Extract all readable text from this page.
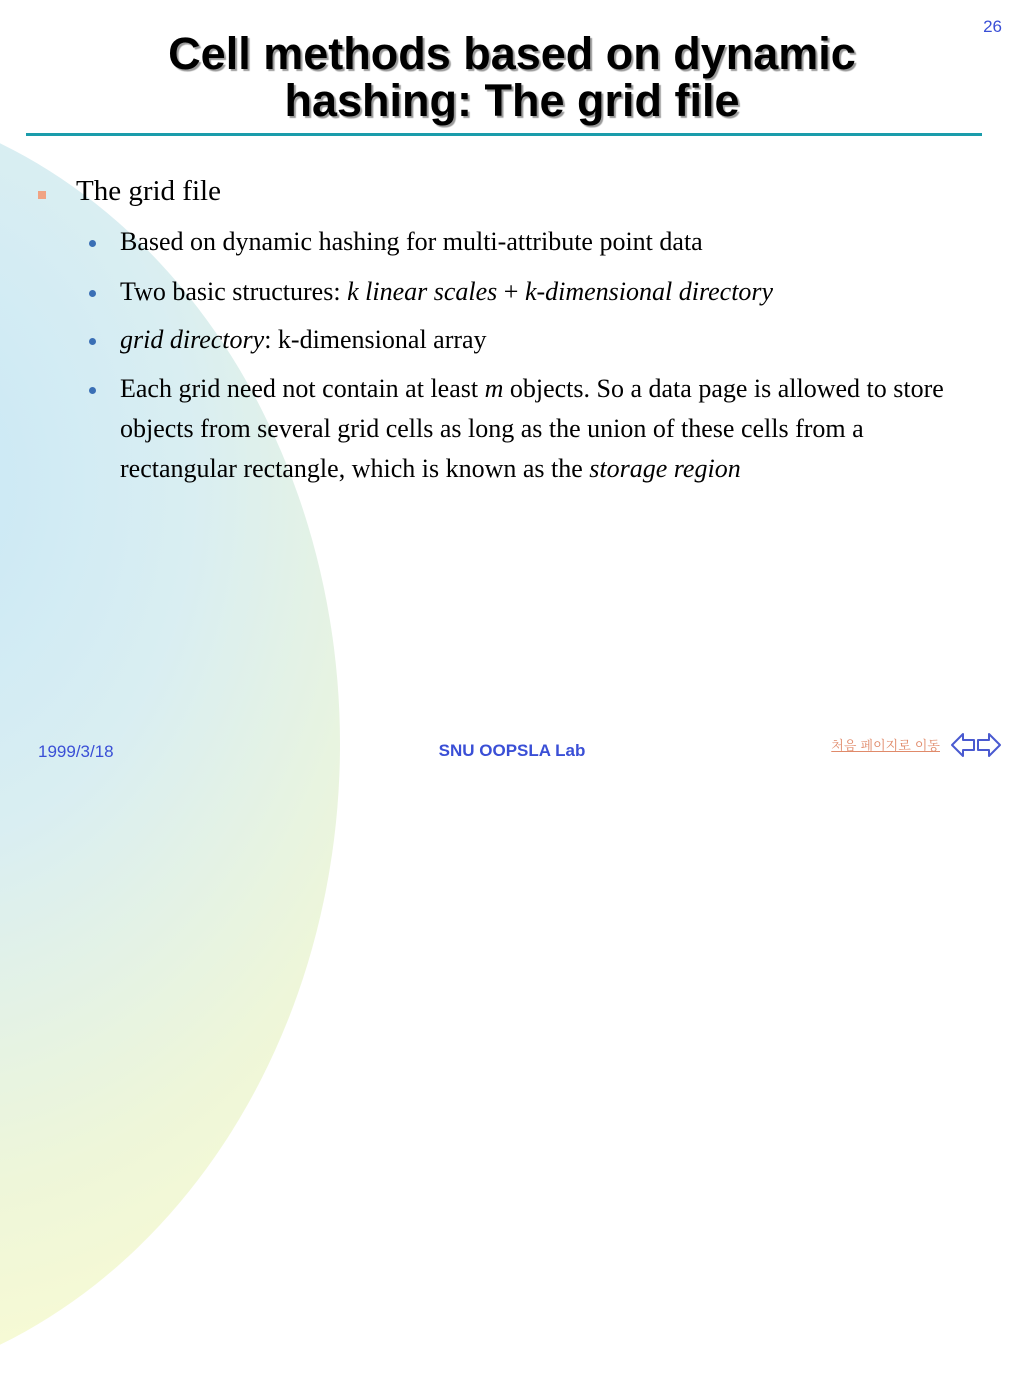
26
Cell methods based on dynamic
hashing: The grid file
The grid file
Based on dynamic hashing for multi-attribute point data
Two basic structures: k linear scales + k-dimensional directory
grid directory: k-dimensional array
Each grid need not contain at least m objects. So a data page is allowed to store objects from several grid cells as long as the union of these cells from a rectangular rectangle, which is known as the storage region
1999/3/18	SNU OOPSLA Lab	처음 페이지로 이동
